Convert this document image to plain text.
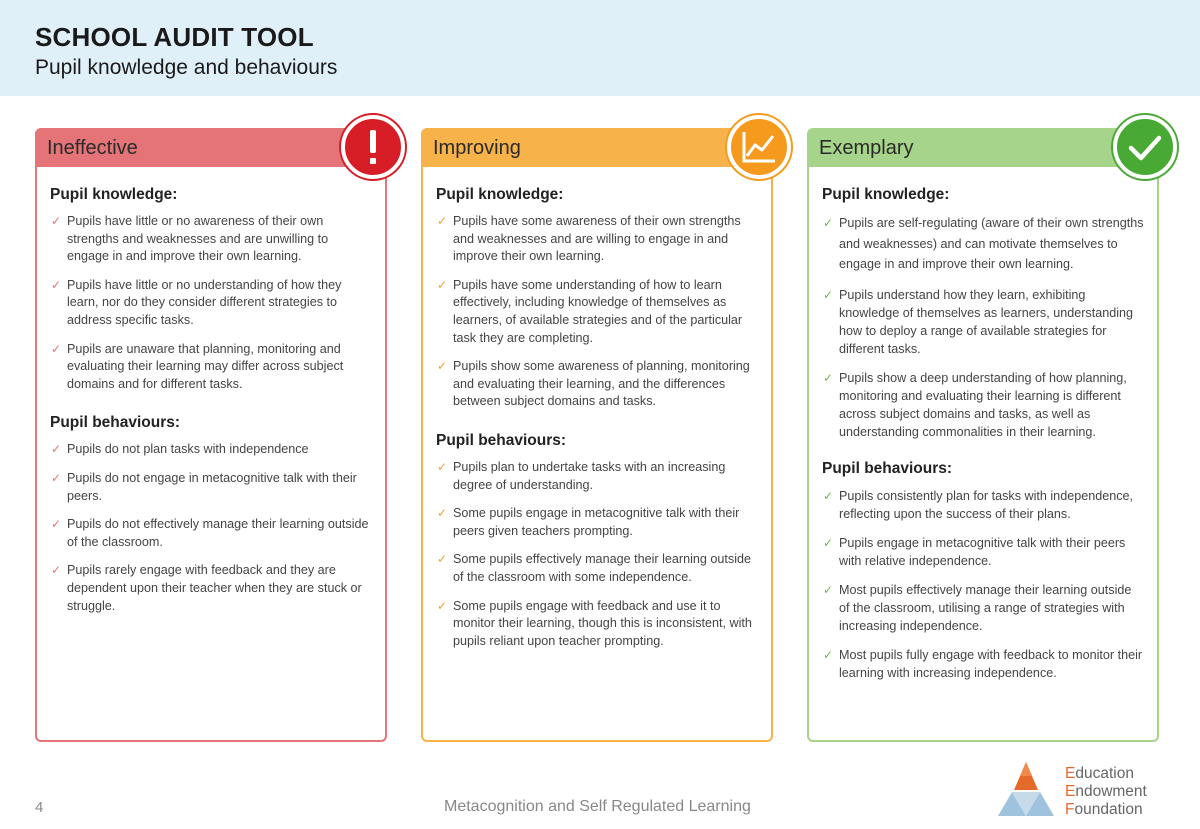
SCHOOL AUDIT TOOL
Pupil knowledge and behaviours
Ineffective
Pupil knowledge:
✓ Pupils have little or no awareness of their own strengths and weaknesses and are unwilling to engage in and improve their own learning.
✓ Pupils have little or no understanding of how they learn, nor do they consider different strategies to address specific tasks.
✓ Pupils are unaware that planning, monitoring and evaluating their learning may differ across subject domains and for different tasks.
Pupil behaviours:
✓ Pupils do not plan tasks with independence
✓ Pupils do not engage in metacognitive talk with their peers.
✓ Pupils do not effectively manage their learning outside of the classroom.
✓ Pupils rarely engage with feedback and they are dependent upon their teacher when they are stuck or struggle.
Improving
Pupil knowledge:
✓ Pupils have some awareness of their own strengths and weaknesses and are willing to engage in and improve their own learning.
✓ Pupils have some understanding of how to learn effectively, including knowledge of themselves as learners, of available strategies and of the particular task they are completing.
✓ Pupils show some awareness of planning, monitoring and evaluating their learning, and the differences between subject domains and tasks.
Pupil behaviours:
✓ Pupils plan to undertake tasks with an increasing degree of understanding.
✓ Some pupils engage in metacognitive talk with their peers given teachers prompting.
✓ Some pupils effectively manage their learning outside of the classroom with some independence.
✓ Some pupils engage with feedback and use it to monitor their learning, though this is inconsistent, with pupils reliant upon teacher prompting.
Exemplary
Pupil knowledge:
✓ Pupils are self-regulating (aware of their own strengths and weaknesses) and can motivate themselves to engage in and improve their own learning.
✓ Pupils understand how they learn, exhibiting knowledge of themselves as learners, understanding how to deploy a range of available strategies for different tasks.
✓ Pupils show a deep understanding of how planning, monitoring and evaluating their learning is different across subject domains and tasks, as well as understanding commonalities in their learning.
Pupil behaviours:
✓ Pupils consistently plan for tasks with independence, reflecting upon the success of their plans.
✓ Pupils engage in metacognitive talk with their peers with relative independence.
✓ Most pupils effectively manage their learning outside of the classroom, utilising a range of strategies with increasing independence.
✓ Most pupils fully engage with feedback to monitor their learning with increasing independence.
4	Metacognition and Self Regulated Learning
Education
Endowment
Foundation
